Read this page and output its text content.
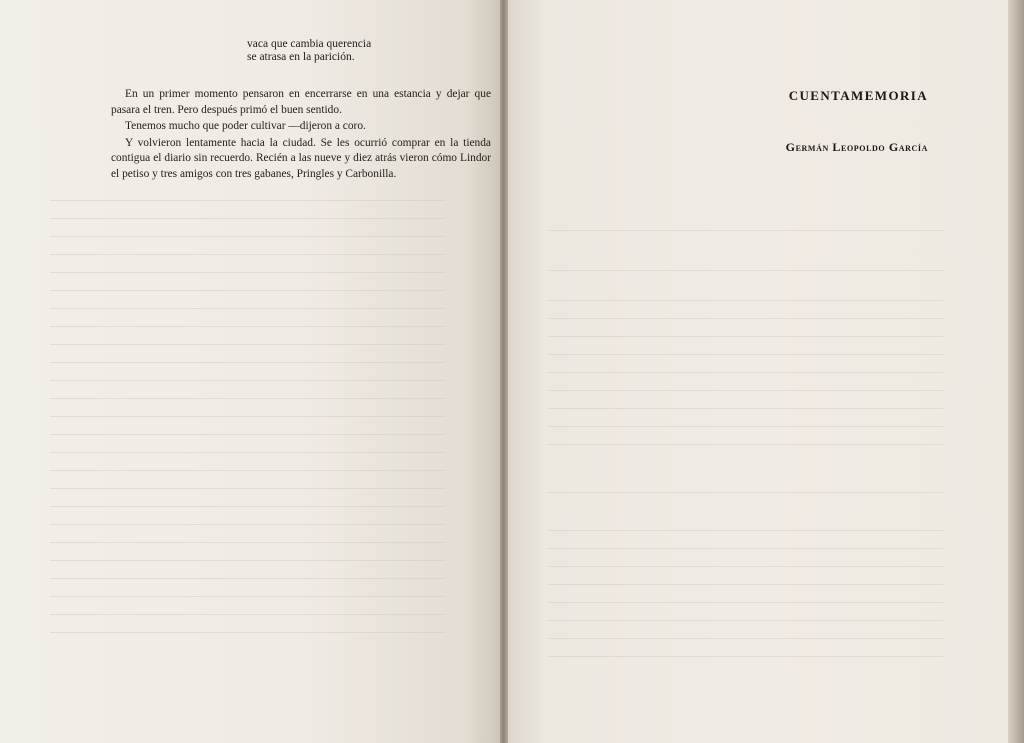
vaca que cambia querencia
se atrasa en la parición.

En un primer momento pensaron en encerrarse en una estancia y dejar que pasara el tren. Pero después primó el buen sentido.

Tenemos mucho que poder cultivar —dijeron a coro.

Y volvieron lentamente hacia la ciudad. Se les ocurrió comprar en la tienda contigua el diario sin recuerdo. Recién a las nueve y diez atrás vieron cómo Lindor el petiso y tres amigos con tres gabanes, Pringles y Carbonilla.

CUENTAMEMORIA
Germán Leopoldo García
